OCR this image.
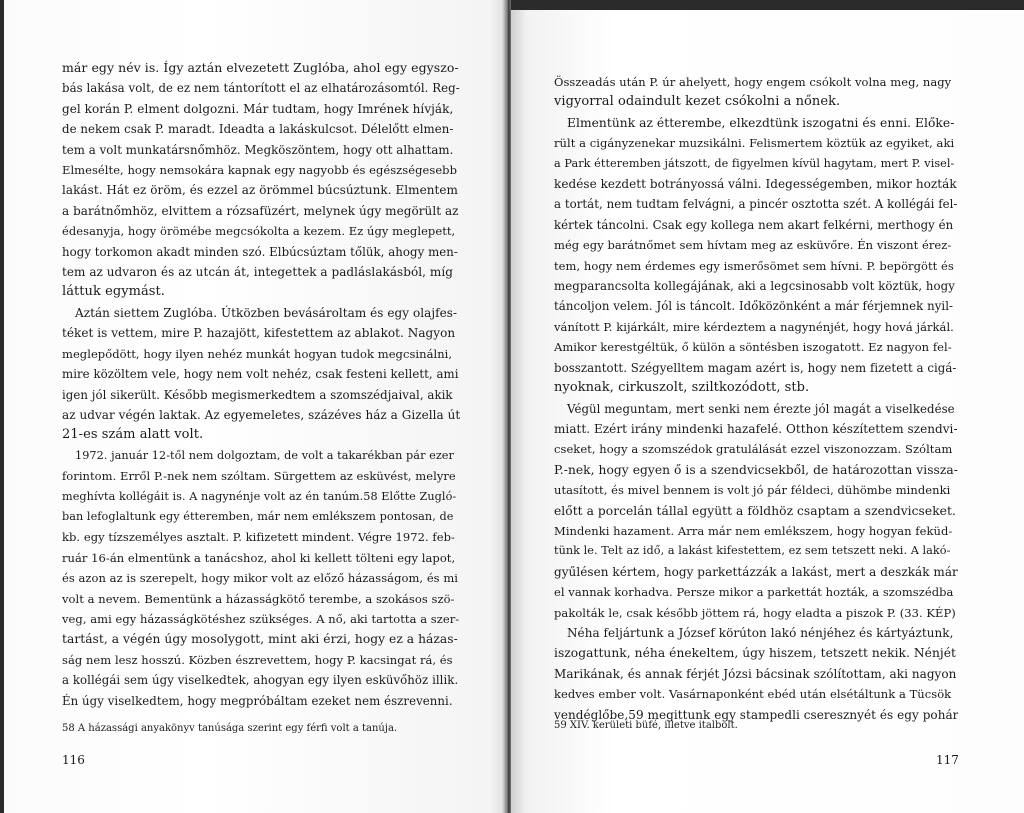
már egy név is. Így aztán elvezetett Zuglóba, ahol egy egyszo-
bás lakása volt, de ez nem tántorított el az elhatározásomtól. Reg-
gel korán P. elment dolgozni. Már tudtam, hogy Imrének hívják,
de nekem csak P. maradt. Ideadta a lakáskulcsot. Délelőtt elmen-
tem a volt munkatársnőmhöz. Megköszöntem, hogy ott alhattam.
Elmesélte, hogy nemsokára kapnak egy nagyobb és egészségesebb
lakást. Hát ez öröm, és ezzel az örömmel búcsúztunk. Elmentem
a barátnőmhöz, elvittem a rózsafüzért, melynek úgy megörült az
édesanyja, hogy örömébe megcsókolta a kezem. Ez úgy meglepett,
hogy torkomon akadt minden szó. Elbúcsúztam tőlük, ahogy men-
tem az udvaron és az utcán át, integettek a padláslakásból, míg
láttuk egymást.
Aztán siettem Zuglóba. Útközben bevásároltam és egy olajfes-
téket is vettem, mire P. hazajött, kifestettem az ablakot. Nagyon
meglepődött, hogy ilyen nehéz munkát hogyan tudok megcsinálni,
mire közöltem vele, hogy nem volt nehéz, csak festeni kellett, ami
igen jól sikerült. Később megismerkedtem a szomszédjaival, akik
az udvar végén laktak. Az egyemeletes, százéves ház a Gizella út
21-es szám alatt volt.
1972. január 12-től nem dolgoztam, de volt a takarékban pár ezer
forintom. Erről P.-nek nem szóltam. Sürgettem az esküvést, melyre
meghívta kollégáit is. A nagynénje volt az én tanúm.58 Előtte Zugló-
ban lefoglaltunk egy étteremben, már nem emlékszem pontosan, de
kb. egy tízszemélyes asztalt. P. kifizetett mindent. Végre 1972. feb-
ruár 16-án elmentünk a tanácshoz, ahol ki kellett tölteni egy lapot,
és azon az is szerepelt, hogy mikor volt az előző házasságom, és mi
volt a nevem. Bementünk a házasságkötő terembe, a szokásos szö-
veg, ami egy házasságkötéshez szükséges. A nő, aki tartotta a szer-
tartást, a végén úgy mosolygott, mint aki érzi, hogy ez a házas-
ság nem lesz hosszú. Közben észrevettem, hogy P. kacsingat rá, és
a kollégái sem úgy viselkedtek, ahogyan egy ilyen esküvőhöz illik.
Én úgy viselkedtem, hogy megpróbáltam ezeket nem észrevenni.
58 A házassági anyakönyv tanúsága szerint egy férfi volt a tanúja.
116
Összeadás után P. úr ahelyett, hogy engem csókolt volna meg, nagy
vigyorral odaindult kezet csókolni a nőnek.
Elmentünk az étterembe, elkezdtünk iszogatni és enni. Előke-
rült a cigányzenekar muzsikálni. Felismertem köztük az egyiket, aki
a Park étteremben játszott, de figyelmen kívül hagytam, mert P. visel-
kedése kezdett botrányossá válni. Idegességemben, mikor hozták
a tortát, nem tudtam felvágni, a pincér osztotta szét. A kollégái fel-
kértek táncolni. Csak egy kollega nem akart felkérni, merthogy én
még egy barátnőmet sem hívtam meg az esküvőre. Én viszont érez-
tem, hogy nem érdemes egy ismerősömet sem hívni. P. bepörgött és
megparancsolta kollegájának, aki a legcsinosabb volt köztük, hogy
táncoljon velem. Jól is táncolt. Időközönként a már férjemnek nyil-
vánított P. kijárkált, mire kérdeztem a nagynénjét, hogy hová járkál.
Amikor kerestgéltük, ő külön a söntésben iszogatott. Ez nagyon fel-
bosszantott. Szégyelltem magam azért is, hogy nem fizetett a cigá-
nyoknak, cirkuszolt, sziltkozódott, stb.
Végül meguntam, mert senki nem érezte jól magát a viselkedése
miatt. Ezért irány mindenki hazafelé. Otthon készítettem szendvi-
cseket, hogy a szomszédok gratulálását ezzel viszonozzam. Szóltam
P.-nek, hogy egyen ő is a szendvicsekből, de határozottan vissza-
utasított, és mivel bennem is volt jó pár féldeci, dühömbe mindenki
előtt a porcelán tállal együtt a földhöz csaptam a szendvicseket.
Mindenki hazament. Arra már nem emlékszem, hogy hogyan feküd-
tünk le. Telt az idő, a lakást kifestettem, ez sem tetszett neki. A lakó-
gyűlésen kértem, hogy parkettázzák a lakást, mert a deszkák már
el vannak korhadva. Persze mikor a parkettát hozták, a szomszédba
pakolták le, csak később jöttem rá, hogy eladta a piszok P. (33. KÉP)
Néha feljártunk a József körúton lakó nénjéhez és kártyáztunk,
iszogattunk, néha énekeltem, úgy hiszem, tetszett nekik. Nénjét
Marikának, és annak férjét Józsi bácsinak szólítottam, aki nagyon
kedves ember volt. Vasárnaponként ebéd után elsétáltunk a Tücsök
vendéglőbe,59 megittunk egy stampedli cseresznyét és egy pohár
59 XIV. kerületi büfé, illetve italbolt.
117
